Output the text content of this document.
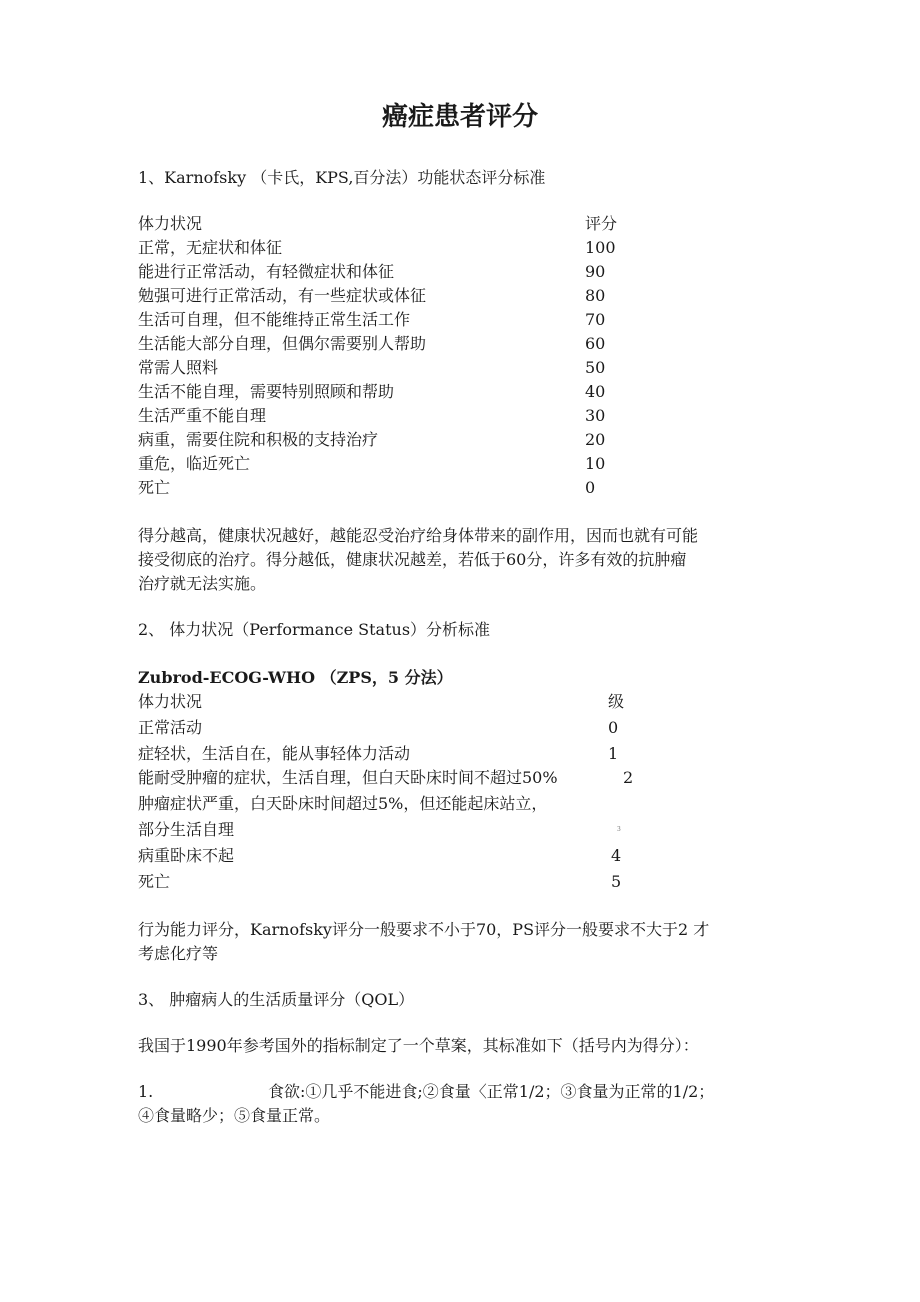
癌症患者评分
1、Karnofsky （卡氏，KPS,百分法）功能状态评分标准
体力状况	评分
正常，无症状和体征	100
能进行正常活动，有轻微症状和体征	90
勉强可进行正常活动，有一些症状或体征	80
生活可自理，但不能维持正常生活工作	70
生活能大部分自理，但偶尔需要别人帮助	60
常需人照料	50
生活不能自理，需要特别照顾和帮助	40
生活严重不能自理	30
病重，需要住院和积极的支持治疗	20
重危，临近死亡	10
死亡	0
得分越高，健康状况越好，越能忍受治疗给身体带来的副作用，因而也就有可能
接受彻底的治疗。得分越低，健康状况越差，若低于60分，许多有效的抗肿瘤
治疗就无法实施。
2、 体力状况（Performance Status）分析标准
Zubrod-ECOG-WHO （ZPS，5 分法）
体力状况	级
正常活动	0
症轻状，生活自在，能从事轻体力活动	1
能耐受肿瘤的症状，生活自理，但白天卧床时间不超过50%	2
肿瘤症状严重，白天卧床时间超过5%，但还能起床站立，
部分生活自理	3
病重卧床不起	4
死亡	5
行为能力评分，Karnofsky评分一般要求不小于70，PS评分一般要求不大于2 才
考虑化疗等
3、 肿瘤病人的生活质量评分（QOL）
我国于1990年参考国外的指标制定了一个草案，其标准如下（括号内为得分）：
1.	食欲:①几乎不能进食;②食量〈正常1/2；③食量为正常的1/2；
④食量略少；⑤食量正常。
